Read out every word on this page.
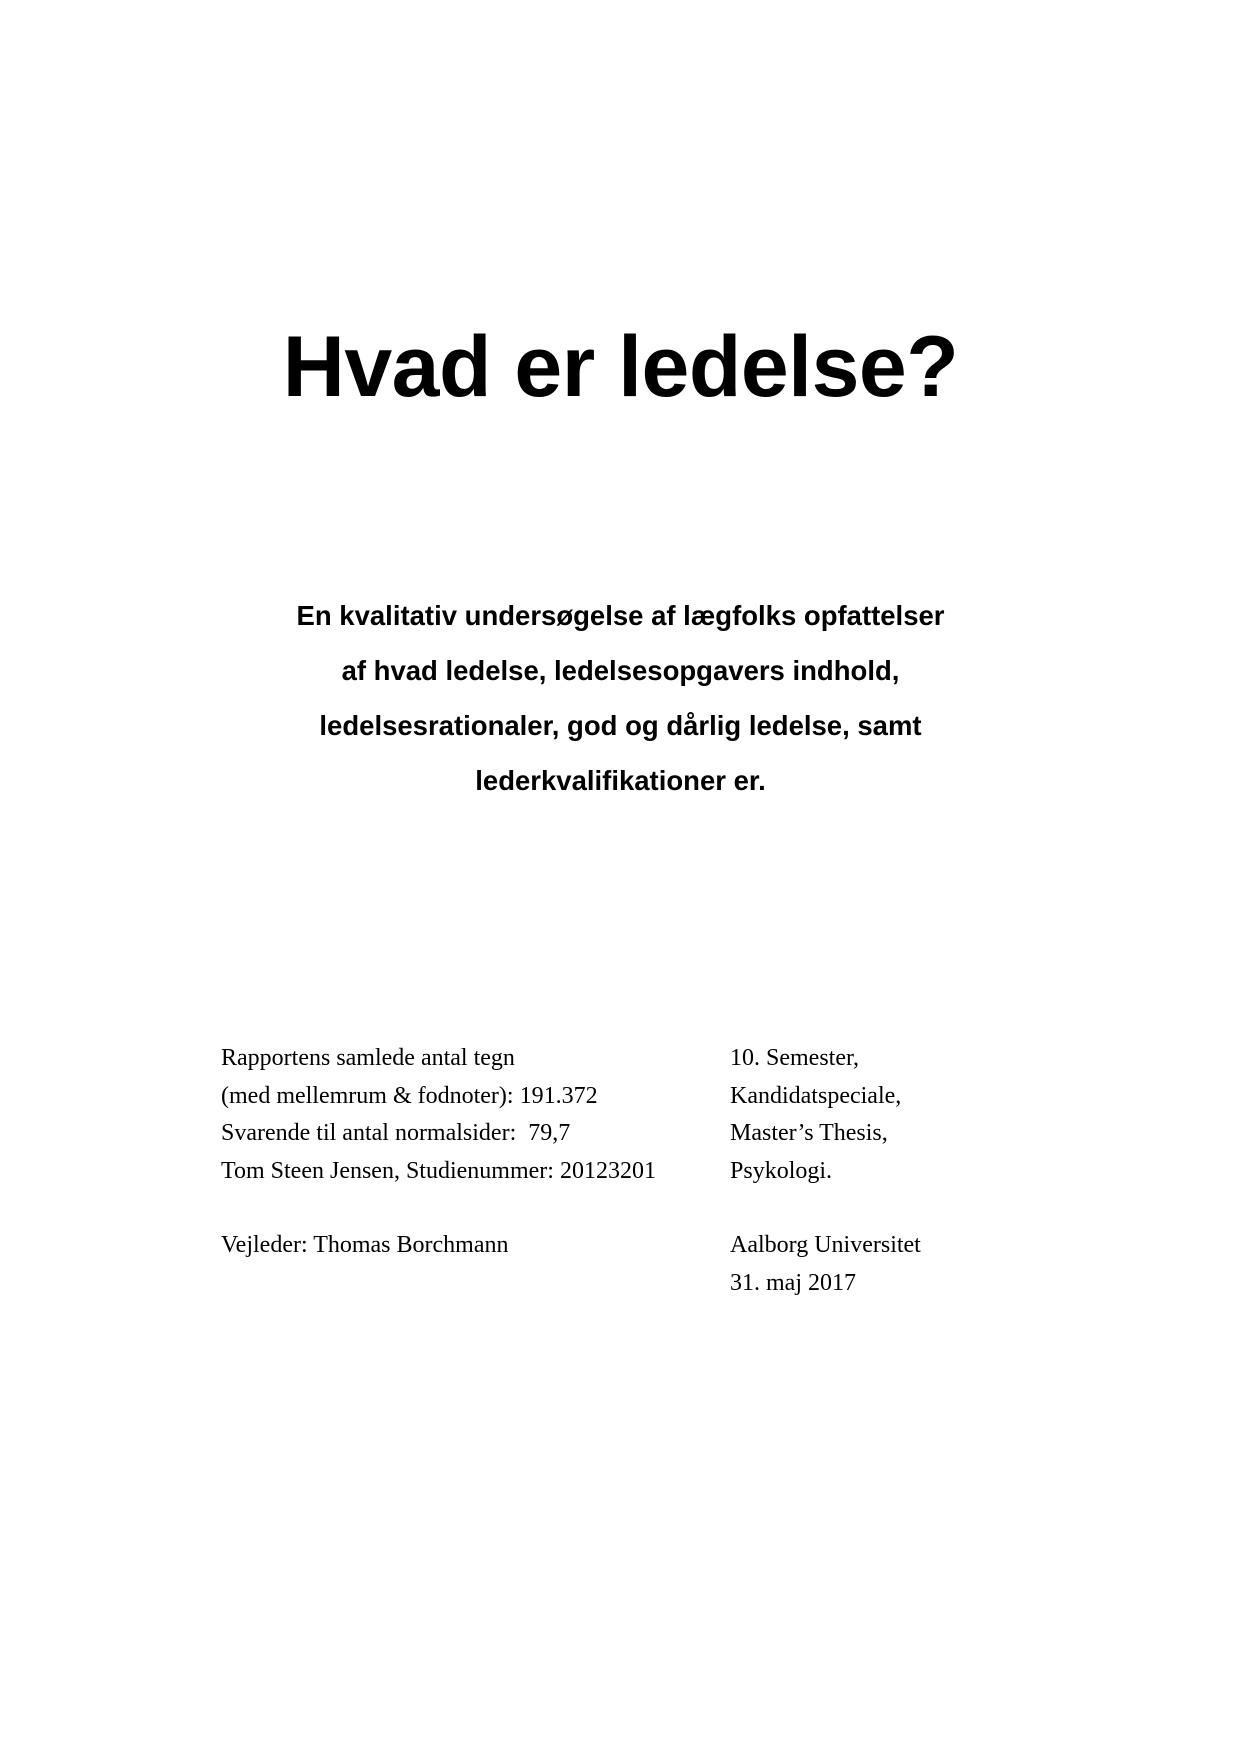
Hvad er ledelse?

En kvalitativ undersøgelse af lægfolks opfattelser
af hvad ledelse, ledelsesopgavers indhold,
ledelsesrationaler, god og dårlig ledelse, samt
lederkvalifikationer er.

Rapportens samlede antal tegn
(med mellemrum & fodnoter): 191.372
Svarende til antal normalsider:  79,7
Tom Steen Jensen, Studienummer: 20123201
10. Semester,
Kandidatspeciale,
Master’s Thesis,
Psykologi.
Vejleder: Thomas Borchmann	Aalborg Universitet
31. maj 2017
